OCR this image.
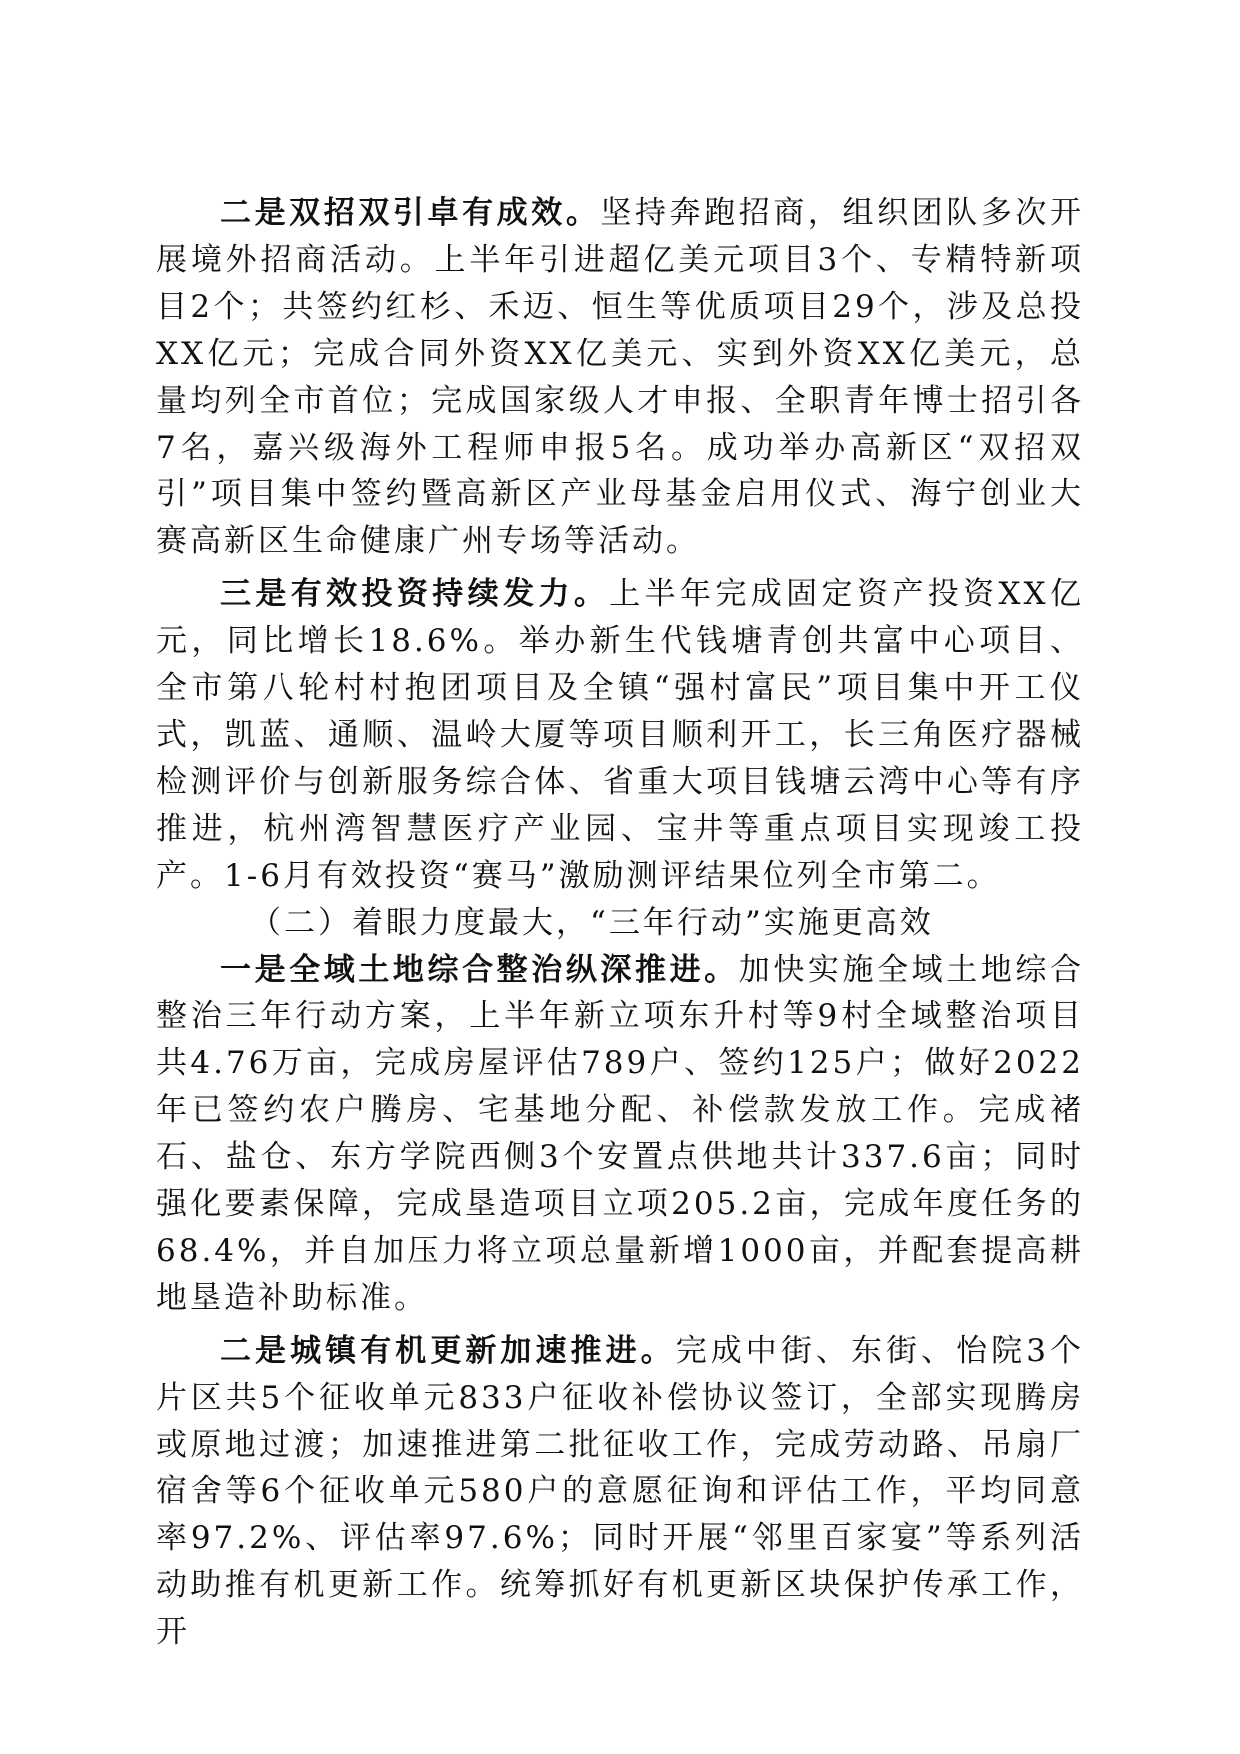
二是双招双引卓有成效。坚持奔跑招商，组织团队多次开展境外招商活动。上半年引进超亿美元项目3个、专精特新项目2个；共签约红杉、禾迈、恒生等优质项目29个，涉及总投XX亿元；完成合同外资XX亿美元、实到外资XX亿美元，总量均列全市首位；完成国家级人才申报、全职青年博士招引各7名，嘉兴级海外工程师申报5名。成功举办高新区“双招双引”项目集中签约暨高新区产业母基金启用仪式、海宁创业大赛高新区生命健康广州专场等活动。

三是有效投资持续发力。上半年完成固定资产投资XX亿元，同比增长18.6%。举办新生代钱塘青创共富中心项目、全市第八轮村村抱团项目及全镇“强村富民”项目集中开工仪式，凯蓝、通顺、温岭大厦等项目顺利开工，长三角医疗器械检测评价与创新服务综合体、省重大项目钱塘云湾中心等有序推进，杭州湾智慧医疗产业园、宝井等重点项目实现竣工投产。1-6月有效投资“赛马”激励测评结果位列全市第二。

（二）着眼力度最大，“三年行动”实施更高效

一是全域土地综合整治纵深推进。加快实施全域土地综合整治三年行动方案，上半年新立项东升村等9村全域整治项目共4.76万亩，完成房屋评估789户、签约125户；做好2022年已签约农户腾房、宅基地分配、补偿款发放工作。完成褚石、盐仓、东方学院西侧3个安置点供地共计337.6亩；同时强化要素保障，完成垦造项目立项205.2亩，完成年度任务的68.4%，并自加压力将立项总量新增1000亩，并配套提高耕地垦造补助标准。

二是城镇有机更新加速推进。完成中街、东街、怡院3个片区共5个征收单元833户征收补偿协议签订，全部实现腾房或原地过渡；加速推进第二批征收工作，完成劳动路、吊扇厂宿舍等6个征收单元580户的意愿征询和评估工作，平均同意率97.2%、评估率97.6%；同时开展“邻里百家宴”等系列活动助推有机更新工作。统筹抓好有机更新区块保护传承工作，开
